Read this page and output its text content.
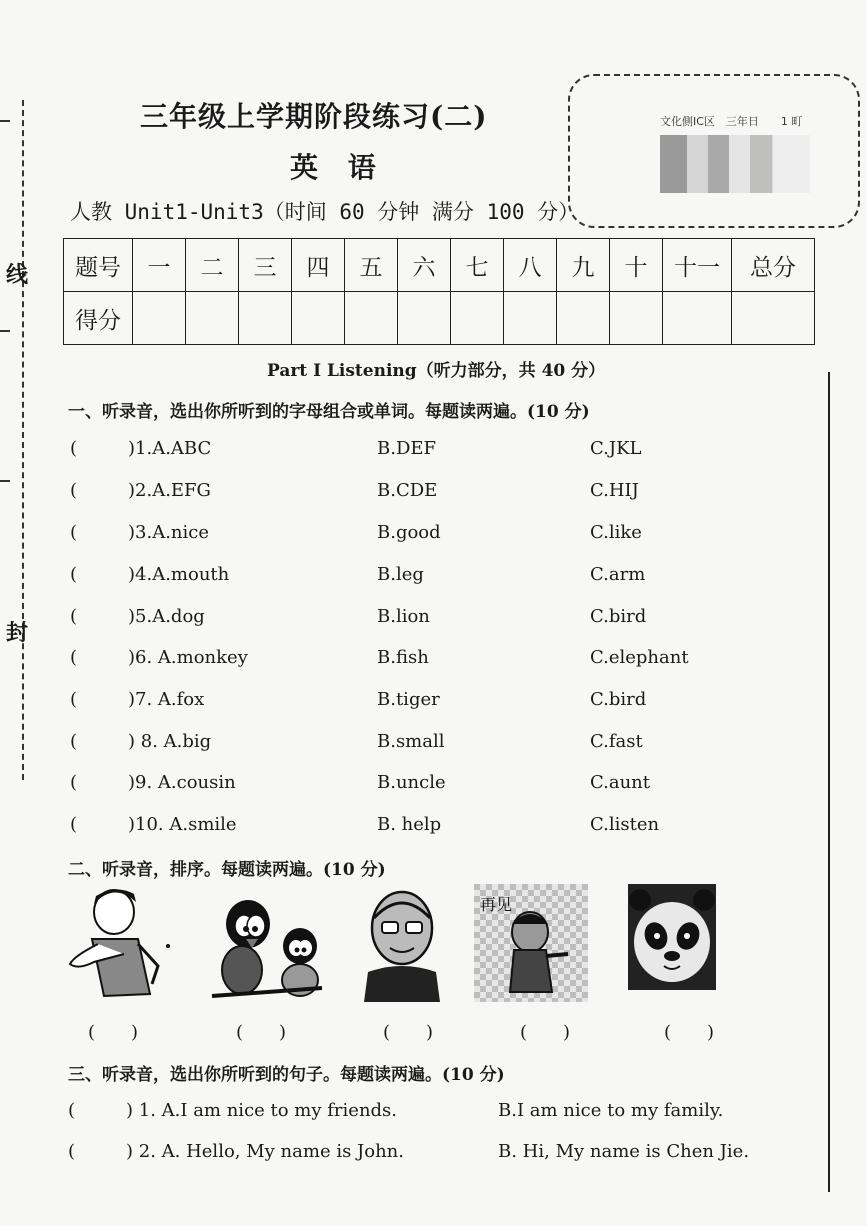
线
封
三年级上学期阶段练习(二)
英 语
人教 Unit1-Unit3（时间 60 分钟 满分 100 分）
文化側IC区　三年日　　1 町
题号	一	二	三	四	五	六	七	八	九	十	十一	总分
得分												
Part I Listening（听力部分，共 40 分）
一、听录音，选出你所听到的字母组合或单词。每题读两遍。(10 分)
(	)1.A.ABC	B.DEF	C.JKL
(	)2.A.EFG	B.CDE	C.HIJ
(	)3.A.nice	B.good	C.like
(	)4.A.mouth	B.leg	C.arm
(	)5.A.dog	B.lion	C.bird
(	)6. A.monkey	B.fish	C.elephant
(	)7. A.fox	B.tiger	C.bird
(	) 8. A.big	B.small	C.fast
(	)9. A.cousin	B.uncle	C.aunt
(	)10. A.smile	B. help	C.listen
二、听录音，排序。每题读两遍。(10 分)
再见
(　　)	(　　)	(　　)	(　　)	(　　)
三、听录音，选出你所听到的句子。每题读两遍。(10 分)
(	) 1. A.I am nice to my friends.	B.I am nice to my family.
(	) 2. A. Hello, My name is John.	B. Hi, My name is Chen Jie.
